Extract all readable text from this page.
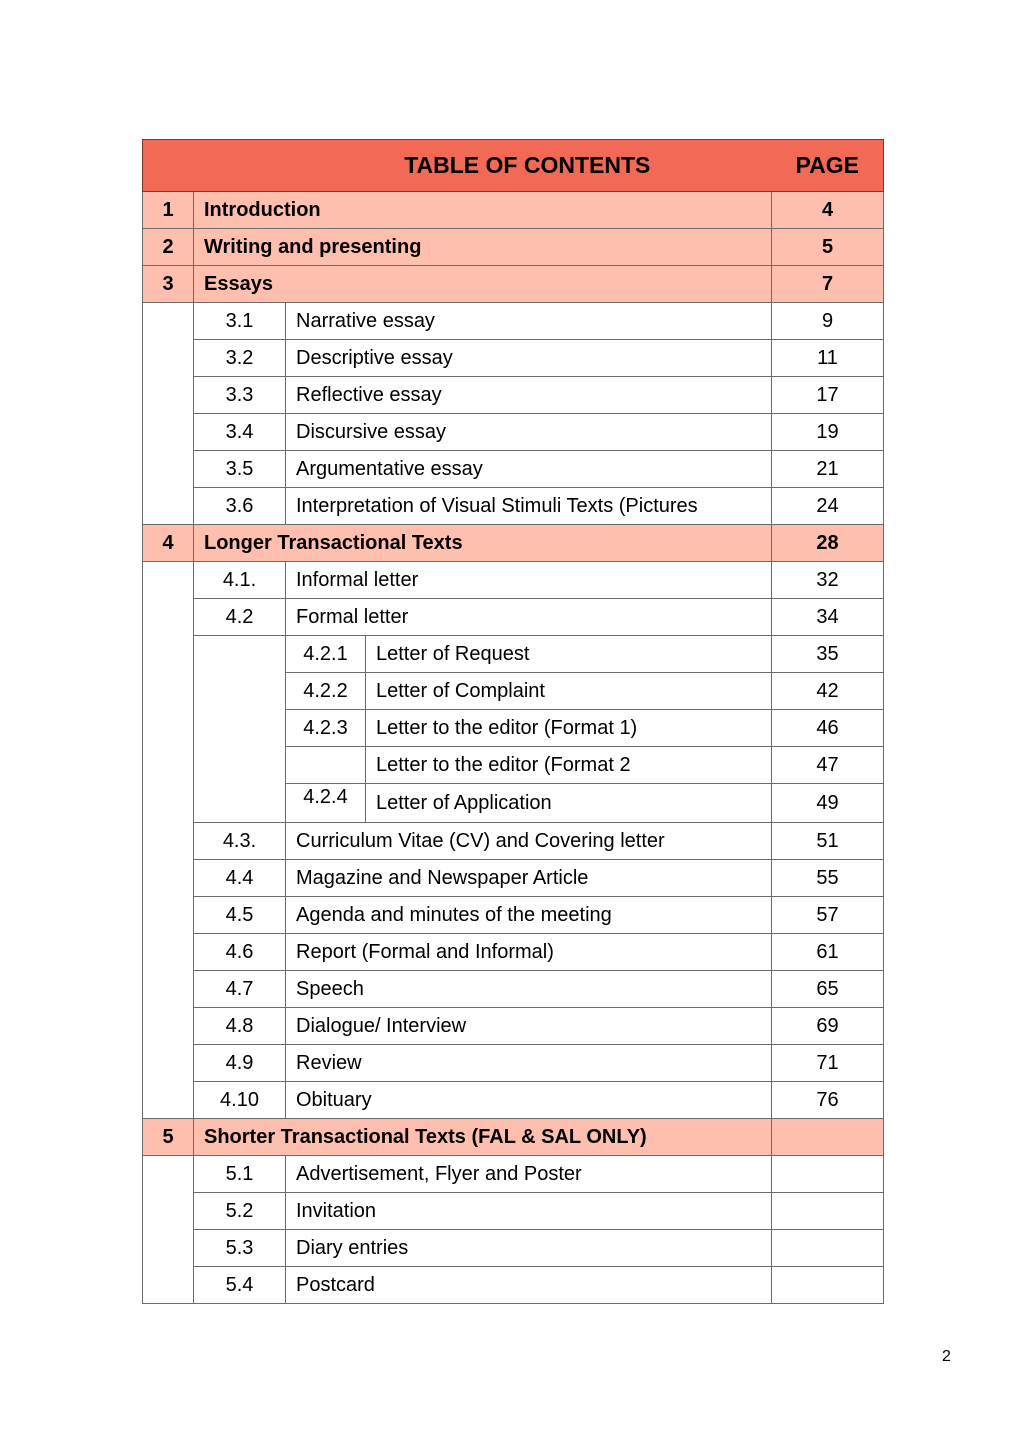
TABLE OF CONTENTS				PAGE
1	Introduction			4
2	Writing and presenting			5
3	Essays			7
	3.1	Narrative essay		9
	3.2	Descriptive essay		11
	3.3	Reflective essay		17
	3.4	Discursive essay		19
	3.5	Argumentative essay		21
	3.6	Interpretation of Visual Stimuli Texts (Pictures		24
4	Longer Transactional Texts			28
	4.1.	Informal letter		32
	4.2	Formal letter		34
		4.2.1	Letter of Request	35
		4.2.2	Letter of Complaint	42
		4.2.3	Letter to the editor (Format 1)	46
			Letter to the editor (Format 2	47
		4.2.4	Letter of Application	49
	4.3.	Curriculum Vitae (CV) and Covering letter		51
	4.4	Magazine and Newspaper Article		55
	4.5	Agenda and minutes of the meeting		57
	4.6	Report (Formal and Informal)		61
	4.7	Speech		65
	4.8	Dialogue/ Interview		69
	4.9	Review		71
	4.10	Obituary		76
5	Shorter Transactional Texts (FAL & SAL ONLY)			
	5.1	Advertisement, Flyer and Poster		
	5.2	Invitation		
	5.3	Diary entries		
	5.4	Postcard		
2
